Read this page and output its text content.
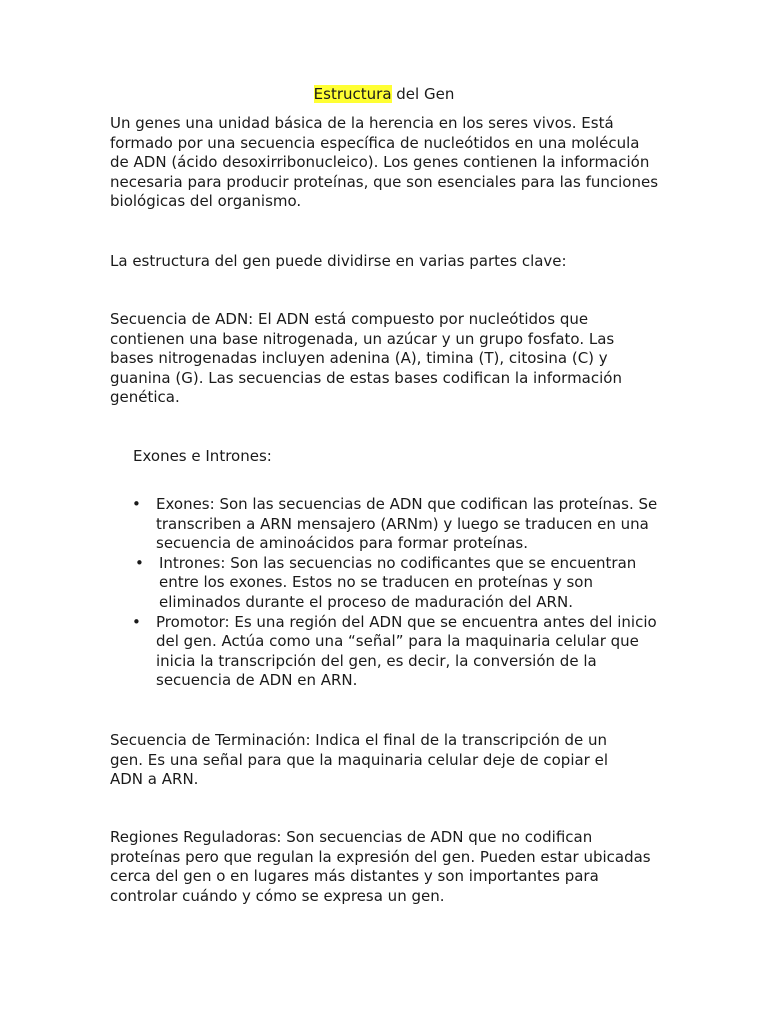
Estructura del Gen

Un genes una unidad básica de la herencia en los seres vivos. Está formado por una secuencia específica de nucleótidos en una molécula de ADN (ácido desoxirribonucleico). Los genes contienen la información necesaria para producir proteínas, que son esenciales para las funciones biológicas del organismo.

La estructura del gen puede dividirse en varias partes clave:

Secuencia de ADN: El ADN está compuesto por nucleótidos que contienen una base nitrogenada, un azúcar y un grupo fosfato. Las bases nitrogenadas incluyen adenina (A), timina (T), citosina (C) y guanina (G). Las secuencias de estas bases codifican la información genética.

Exones e Intrones:

• Exones: Son las secuencias de ADN que codifican las proteínas. Se transcriben a ARN mensajero (ARNm) y luego se traducen en una secuencia de aminoácidos para formar proteínas.
• Intrones: Son las secuencias no codificantes que se encuentran entre los exones. Estos no se traducen en proteínas y son eliminados durante el proceso de maduración del ARN.
• Promotor: Es una región del ADN que se encuentra antes del inicio del gen. Actúa como una “señal” para la maquinaria celular que inicia la transcripción del gen, es decir, la conversión de la secuencia de ADN en ARN.

Secuencia de Terminación: Indica el final de la transcripción de un gen. Es una señal para que la maquinaria celular deje de copiar el ADN a ARN.

Regiones Reguladoras: Son secuencias de ADN que no codifican proteínas pero que regulan la expresión del gen. Pueden estar ubicadas cerca del gen o en lugares más distantes y son importantes para controlar cuándo y cómo se expresa un gen.
